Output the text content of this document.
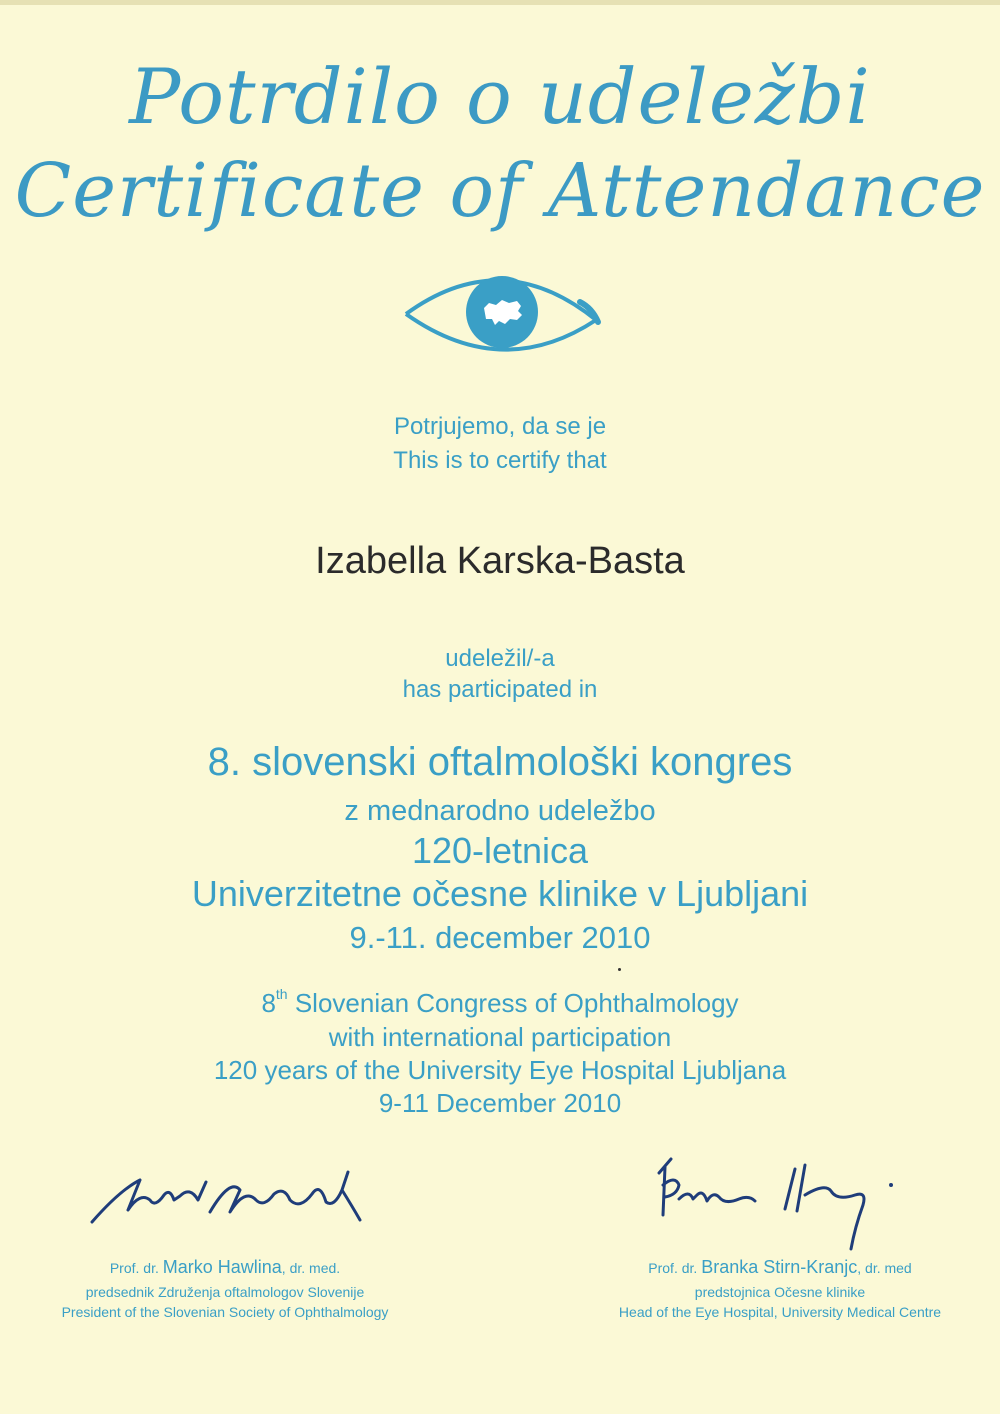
Potrdilo o udeležbi
Certificate of Attendance
Potrjujemo, da se je
This is to certify that
Izabella Karska-Basta
udeležil/-a
has participated in
8. slovenski oftalmološki kongres
z mednarodno udeležbo
120-letnica
Univerzitetne očesne klinike v Ljubljani
9.-11. december 2010
8th Slovenian Congress of Ophthalmology
with international participation
120 years of the University Eye Hospital Ljubljana
9-11 December 2010
Prof. dr. Marko Hawlina, dr. med.
predsednik Združenja oftalmologov Slovenije
President of the Slovenian Society of Ophthalmology
Prof. dr. Branka Stirn-Kranjc, dr. med
predstojnica Očesne klinike
Head of the Eye Hospital, University Medical Centre
